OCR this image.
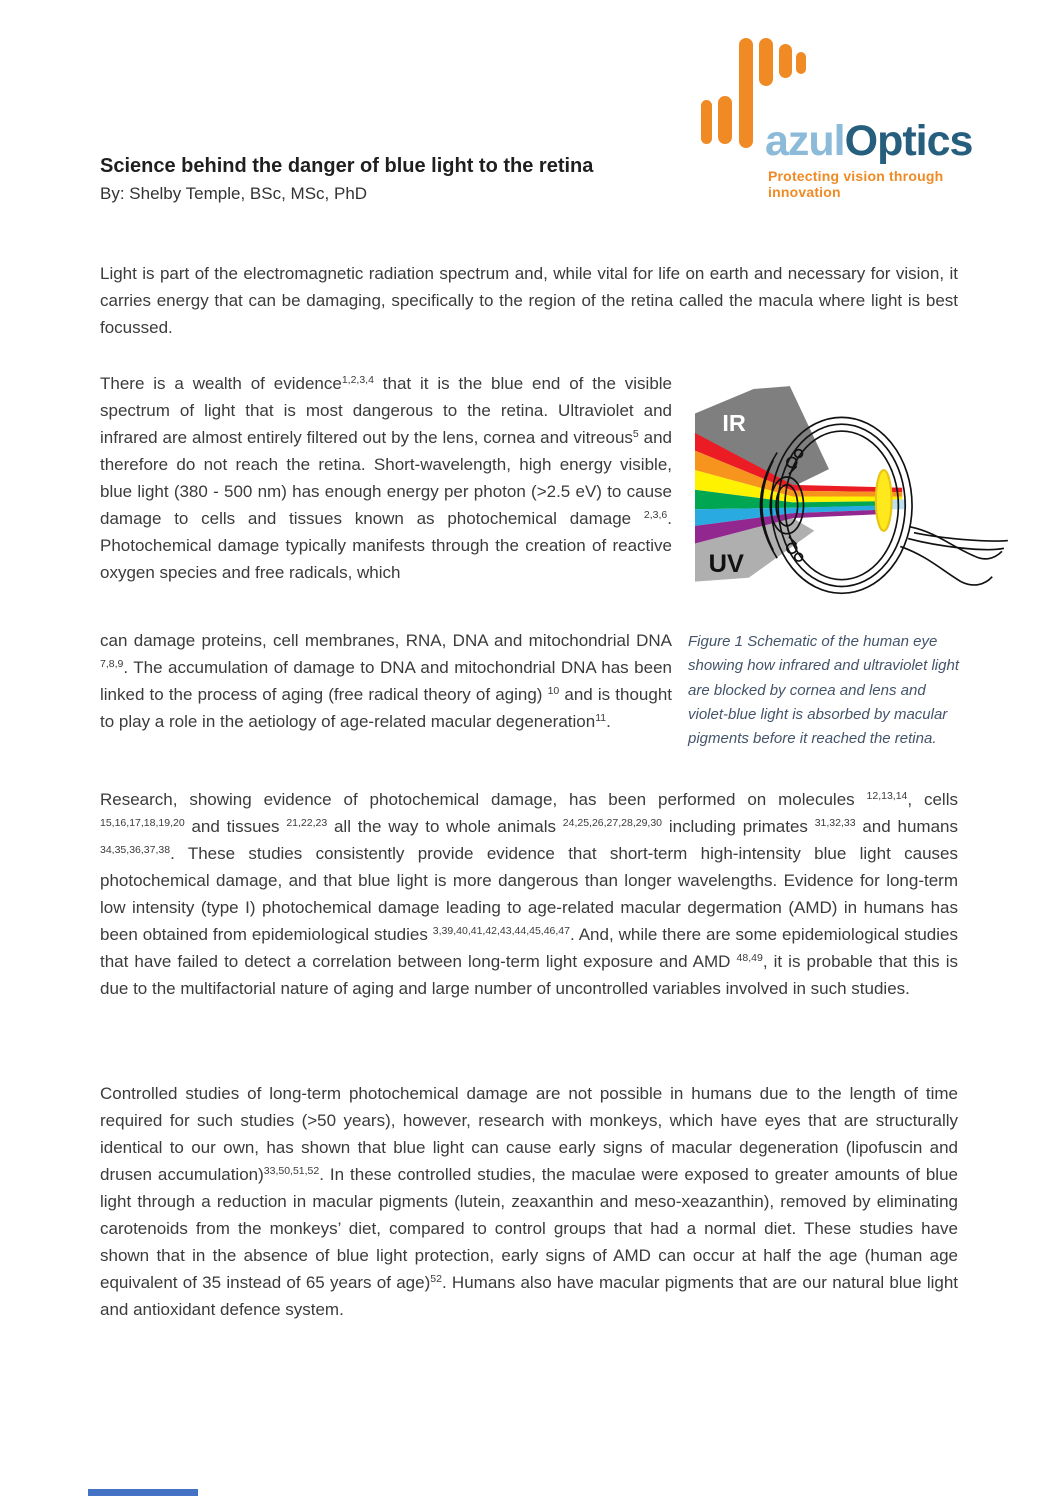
azulOptics
Protecting vision through innovation
Science behind the danger of blue light to the retina

By: Shelby Temple, BSc, MSc, PhD

Light is part of the electromagnetic radiation spectrum and, while vital for life on earth and necessary for vision, it carries energy that can be damaging, specifically to the region of the retina called the macula where light is best focussed.

There is a wealth of evidence$^{1,2,3,4}$ that it is the blue end of the visible spectrum of light that is most dangerous to the retina. Ultraviolet and infrared are almost entirely filtered out by the lens, cornea and vitreous$^5$ and therefore do not reach the retina. Short-wavelength, high energy visible, blue light (380 - 500 nm) has enough energy per photon (>2.5 eV) to cause damage to cells and tissues known as photochemical damage $^{2,3,6}$. Photochemical damage typically manifests through the creation of reactive oxygen species and free radicals, which

can damage proteins, cell membranes, RNA, DNA and mitochondrial DNA $^{7,8,9}$. The accumulation of damage to DNA and mitochondrial DNA has been linked to the process of aging (free radical theory of aging) $^{10}$ and is thought to play a role in the aetiology of age-related macular degeneration$^{11}$.

Research, showing evidence of photochemical damage, has been performed on molecules $^{12,13,14}$, cells $^{15,16,17,18,19,20}$ and tissues $^{21,22,23}$ all the way to whole animals $^{24,25,26,27,28,29,30}$ including primates $^{31,32,33}$ and humans $^{34,35,36,37,38}$. These studies consistently provide evidence that short-term high-intensity blue light causes photochemical damage, and that blue light is more dangerous than longer wavelengths. Evidence for long-term low intensity (type I) photochemical damage leading to age-related macular degermation (AMD) in humans has been obtained from epidemiological studies $^{3,39,40,41,42,43,44,45,46,47}$. And, while there are some epidemiological studies that have failed to detect a correlation between long-term light exposure and AMD $^{48,49}$, it is probable that this is due to the multifactorial nature of aging and large number of uncontrolled variables involved in such studies.

Controlled studies of long-term photochemical damage are not possible in humans due to the length of time required for such studies (>50 years), however, research with monkeys, which have eyes that are structurally identical to our own, has shown that blue light can cause early signs of macular degeneration (lipofuscin and drusen accumulation)$^{33,50,51,52}$. In these controlled studies, the maculae were exposed to greater amounts of blue light through a reduction in macular pigments (lutein, zeaxanthin and meso-xeazanthin), removed by eliminating carotenoids from the monkeys’ diet, compared to control groups that had a normal diet. These studies have shown that in the absence of blue light protection, early signs of AMD can occur at half the age (human age equivalent of 35 instead of 65 years of age)$^{52}$. Humans also have macular pigments that are our natural blue light and antioxidant defence system.

IR
UV

Figure 1 Schematic of the human eye showing how infrared and ultraviolet light are blocked by cornea and lens and violet-blue light is absorbed by macular pigments before it reached the retina.
